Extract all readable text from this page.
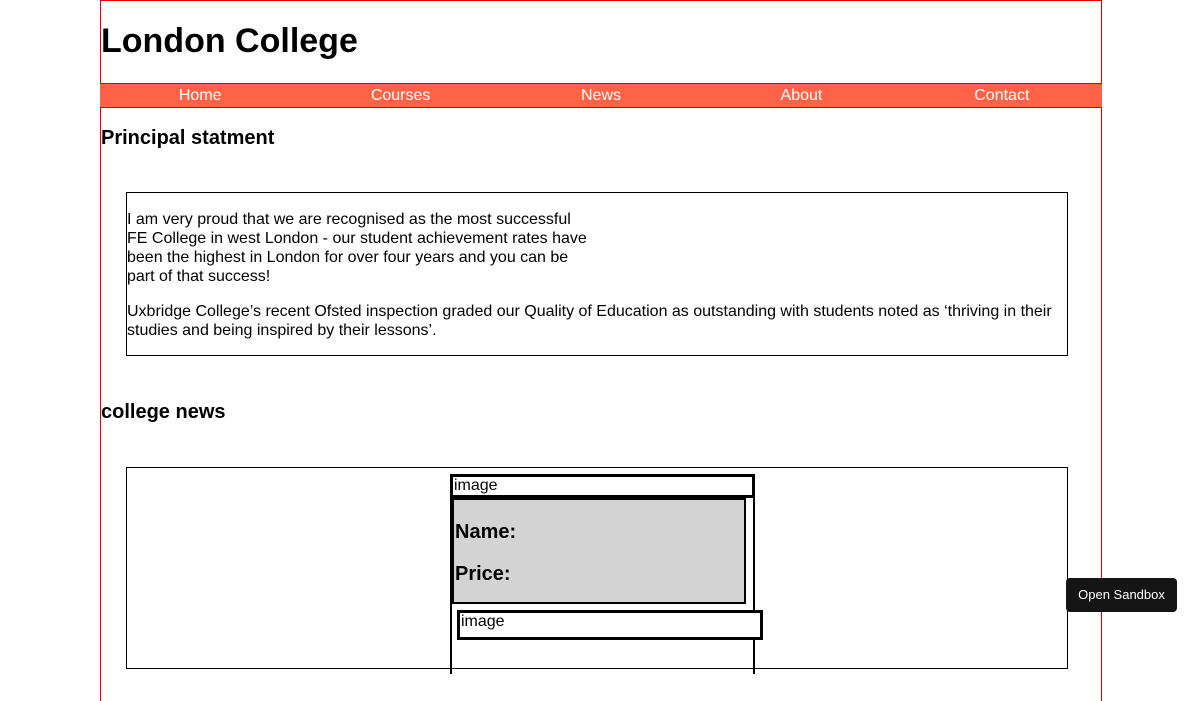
London College
Home	Courses	News	About	Contact
Principal statment

I am very proud that we are recognised as the most successful FE College in west London - our student achievement rates have been the highest in London for over four years and you can be part of that success!

Uxbridge College’s recent Ofsted inspection graded our Quality of Education as outstanding with students noted as ‘thriving in their studies and being inspired by their lessons’.

college news
image
Name:
Price:
image
Open Sandbox
